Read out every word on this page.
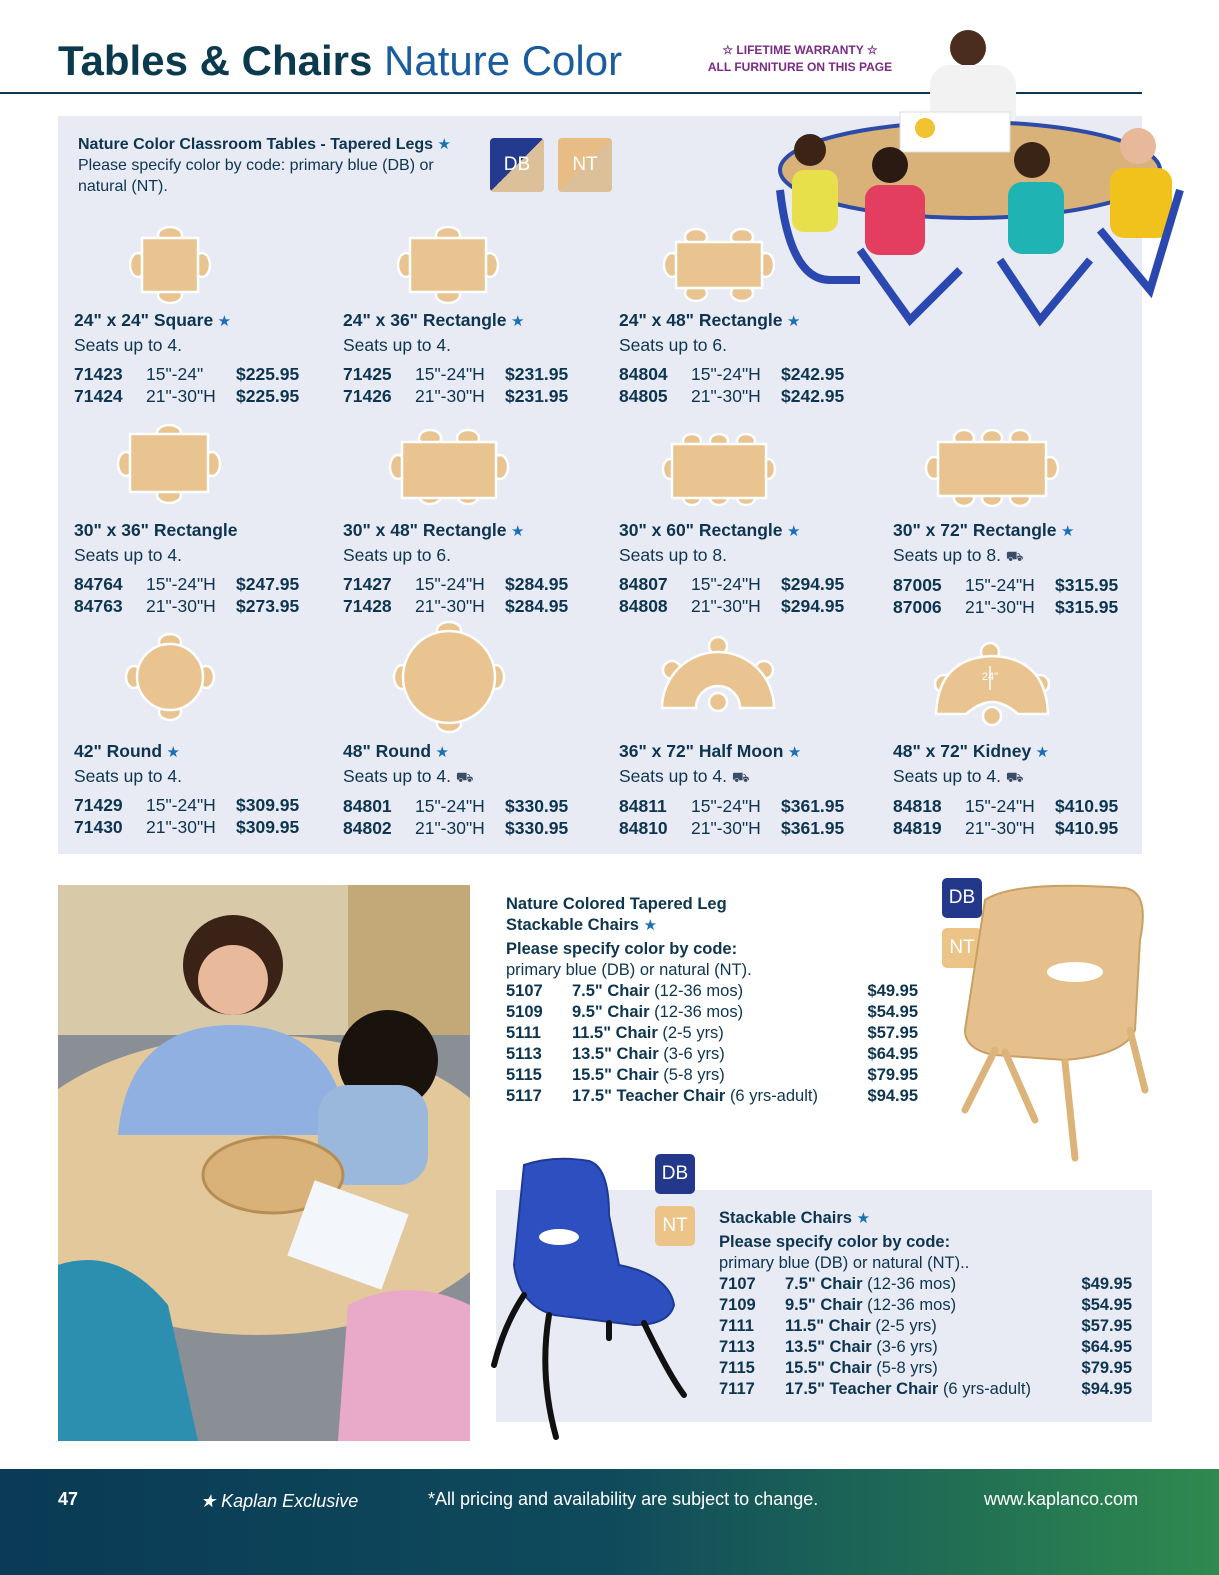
Tables & Chairs Nature Color	☆ LIFETIME WARRANTY ☆
ALL FURNITURE ON THIS PAGE
Nature Color Classroom Tables - Tapered Legs ★
Please specify color by code: primary blue (DB) or natural (NT).
DB	NT
24" x 24" Square ★
Seats up to 4.
71423	15"-24"	$225.95
71424	21"-30"H	$225.95
24" x 36" Rectangle ★
Seats up to 4.
71425	15"-24"H	$231.95
71426	21"-30"H	$231.95
24" x 48" Rectangle ★
Seats up to 6.
84804	15"-24"H	$242.95
84805	21"-30"H	$242.95
30" x 36" Rectangle
Seats up to 4.
84764	15"-24"H	$247.95
84763	21"-30"H	$273.95
30" x 48" Rectangle ★
Seats up to 6.
71427	15"-24"H	$284.95
71428	21"-30"H	$284.95
30" x 60" Rectangle ★
Seats up to 8.
84807	15"-24"H	$294.95
84808	21"-30"H	$294.95
30" x 72" Rectangle ★
Seats up to 8. ⛟
87005	15"-24"H	$315.95
87006	21"-30"H	$315.95
24"
42" Round ★
Seats up to 4.
71429	15"-24"H	$309.95
71430	21"-30"H	$309.95
48" Round ★
Seats up to 4. ⛟
84801	15"-24"H	$330.95
84802	21"-30"H	$330.95
36" x 72" Half Moon ★
Seats up to 4. ⛟
84811	15"-24"H	$361.95
84810	21"-30"H	$361.95
48" x 72" Kidney ★
Seats up to 4. ⛟
84818	15"-24"H	$410.95
84819	21"-30"H	$410.95
Nature Colored Tapered Leg
Stackable Chairs ★
Please specify color by code:
primary blue (DB) or natural (NT).
5107	7.5" Chair (12-36 mos)	$49.95
5109	9.5" Chair (12-36 mos)	$54.95
5111	11.5" Chair (2-5 yrs)	$57.95
5113	13.5" Chair (3-6 yrs)	$64.95
5115	15.5" Chair (5-8 yrs)	$79.95
5117	17.5" Teacher Chair (6 yrs-adult)	$94.95
DB
NT
DB
NT	Stackable Chairs ★
Please specify color by code:
primary blue (DB) or natural (NT)..
7107	7.5" Chair (12-36 mos)	$49.95
7109	9.5" Chair (12-36 mos)	$54.95
7111	11.5" Chair (2-5 yrs)	$57.95
7113	13.5" Chair (3-6 yrs)	$64.95
7115	15.5" Chair (5-8 yrs)	$79.95
7117	17.5" Teacher Chair (6 yrs-adult)	$94.95
47	★ Kaplan Exclusive	*All pricing and availability are subject to change.	www.kaplanco.com
